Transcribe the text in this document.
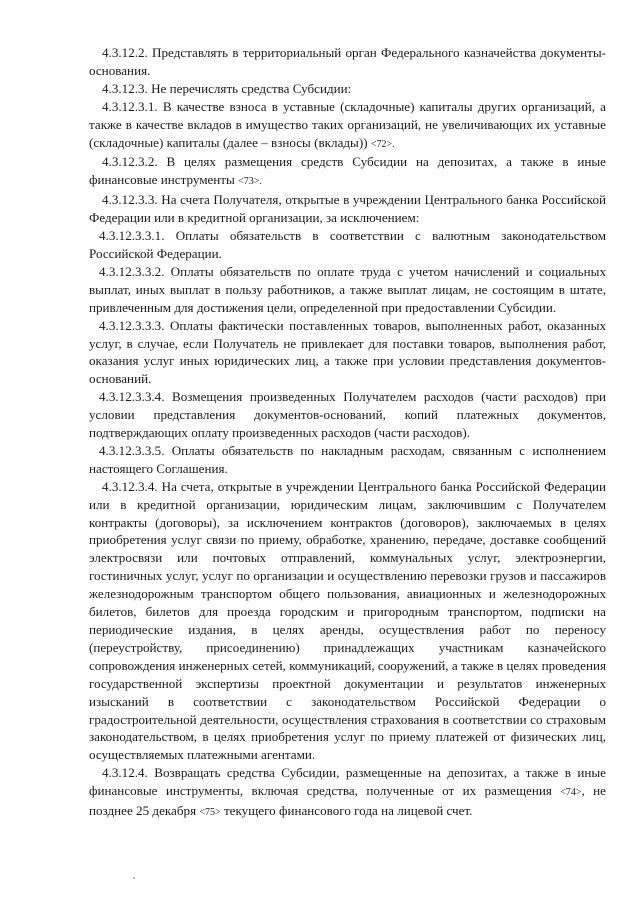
4.3.12.2. Представлять в территориальный орган Федерального казначейства документы-основания.

4.3.12.3. Не перечислять средства Субсидии:

4.3.12.3.1. В качестве взноса в уставные (складочные) капиталы других организаций, а также в качестве вкладов в имущество таких организаций, не увеличивающих их уставные (складочные) капиталы (далее – взносы (вклады)) <72>.

4.3.12.3.2. В целях размещения средств Субсидии на депозитах, а также в иные финансовые инструменты <73>.

4.3.12.3.3. На счета Получателя, открытые в учреждении Центрального банка Российской Федерации или в кредитной организации, за исключением:

4.3.12.3.3.1. Оплаты обязательств в соответствии с валютным законодательством Российской Федерации.

4.3.12.3.3.2. Оплаты обязательств по оплате труда с учетом начислений и социальных выплат, иных выплат в пользу работников, а также выплат лицам, не состоящим в штате, привлеченным для достижения цели, определенной при предоставлении Субсидии.

4.3.12.3.3.3. Оплаты фактически поставленных товаров, выполненных работ, оказанных услуг, в случае, если Получатель не привлекает для поставки товаров, выполнения работ, оказания услуг иных юридических лиц, а также при условии представления документов-оснований.

4.3.12.3.3.4. Возмещения произведенных Получателем расходов (части расходов) при условии представления документов-оснований, копий платежных документов, подтверждающих оплату произведенных расходов (части расходов).

4.3.12.3.3.5. Оплаты обязательств по накладным расходам, связанным с исполнением настоящего Соглашения.

4.3.12.3.4. На счета, открытые в учреждении Центрального банка Российской Федерации или в кредитной организации, юридическим лицам, заключившим с Получателем контракты (договоры), за исключением контрактов (договоров), заключаемых в целях приобретения услуг связи по приему, обработке, хранению, передаче, доставке сообщений электросвязи или почтовых отправлений, коммунальных услуг, электроэнергии, гостиничных услуг, услуг по организации и осуществлению перевозки грузов и пассажиров железнодорожным транспортом общего пользования, авиационных и железнодорожных билетов, билетов для проезда городским и пригородным транспортом, подписки на периодические издания, в целях аренды, осуществления работ по переносу (переустройству, присоединению) принадлежащих участникам казначейского сопровождения инженерных сетей, коммуникаций, сооружений, а также в целях проведения государственной экспертизы проектной документации и результатов инженерных изысканий в соответствии с законодательством Российской Федерации о градостроительной деятельности, осуществления страхования в соответствии со страховым законодательством, в целях приобретения услуг по приему платежей от физических лиц, осуществляемых платежными агентами.

4.3.12.4. Возвращать средства Субсидии, размещенные на депозитах, а также в иные финансовые инструменты, включая средства, полученные от их размещения <74>, не позднее 25 декабря <75> текущего финансового года на лицевой счет.
